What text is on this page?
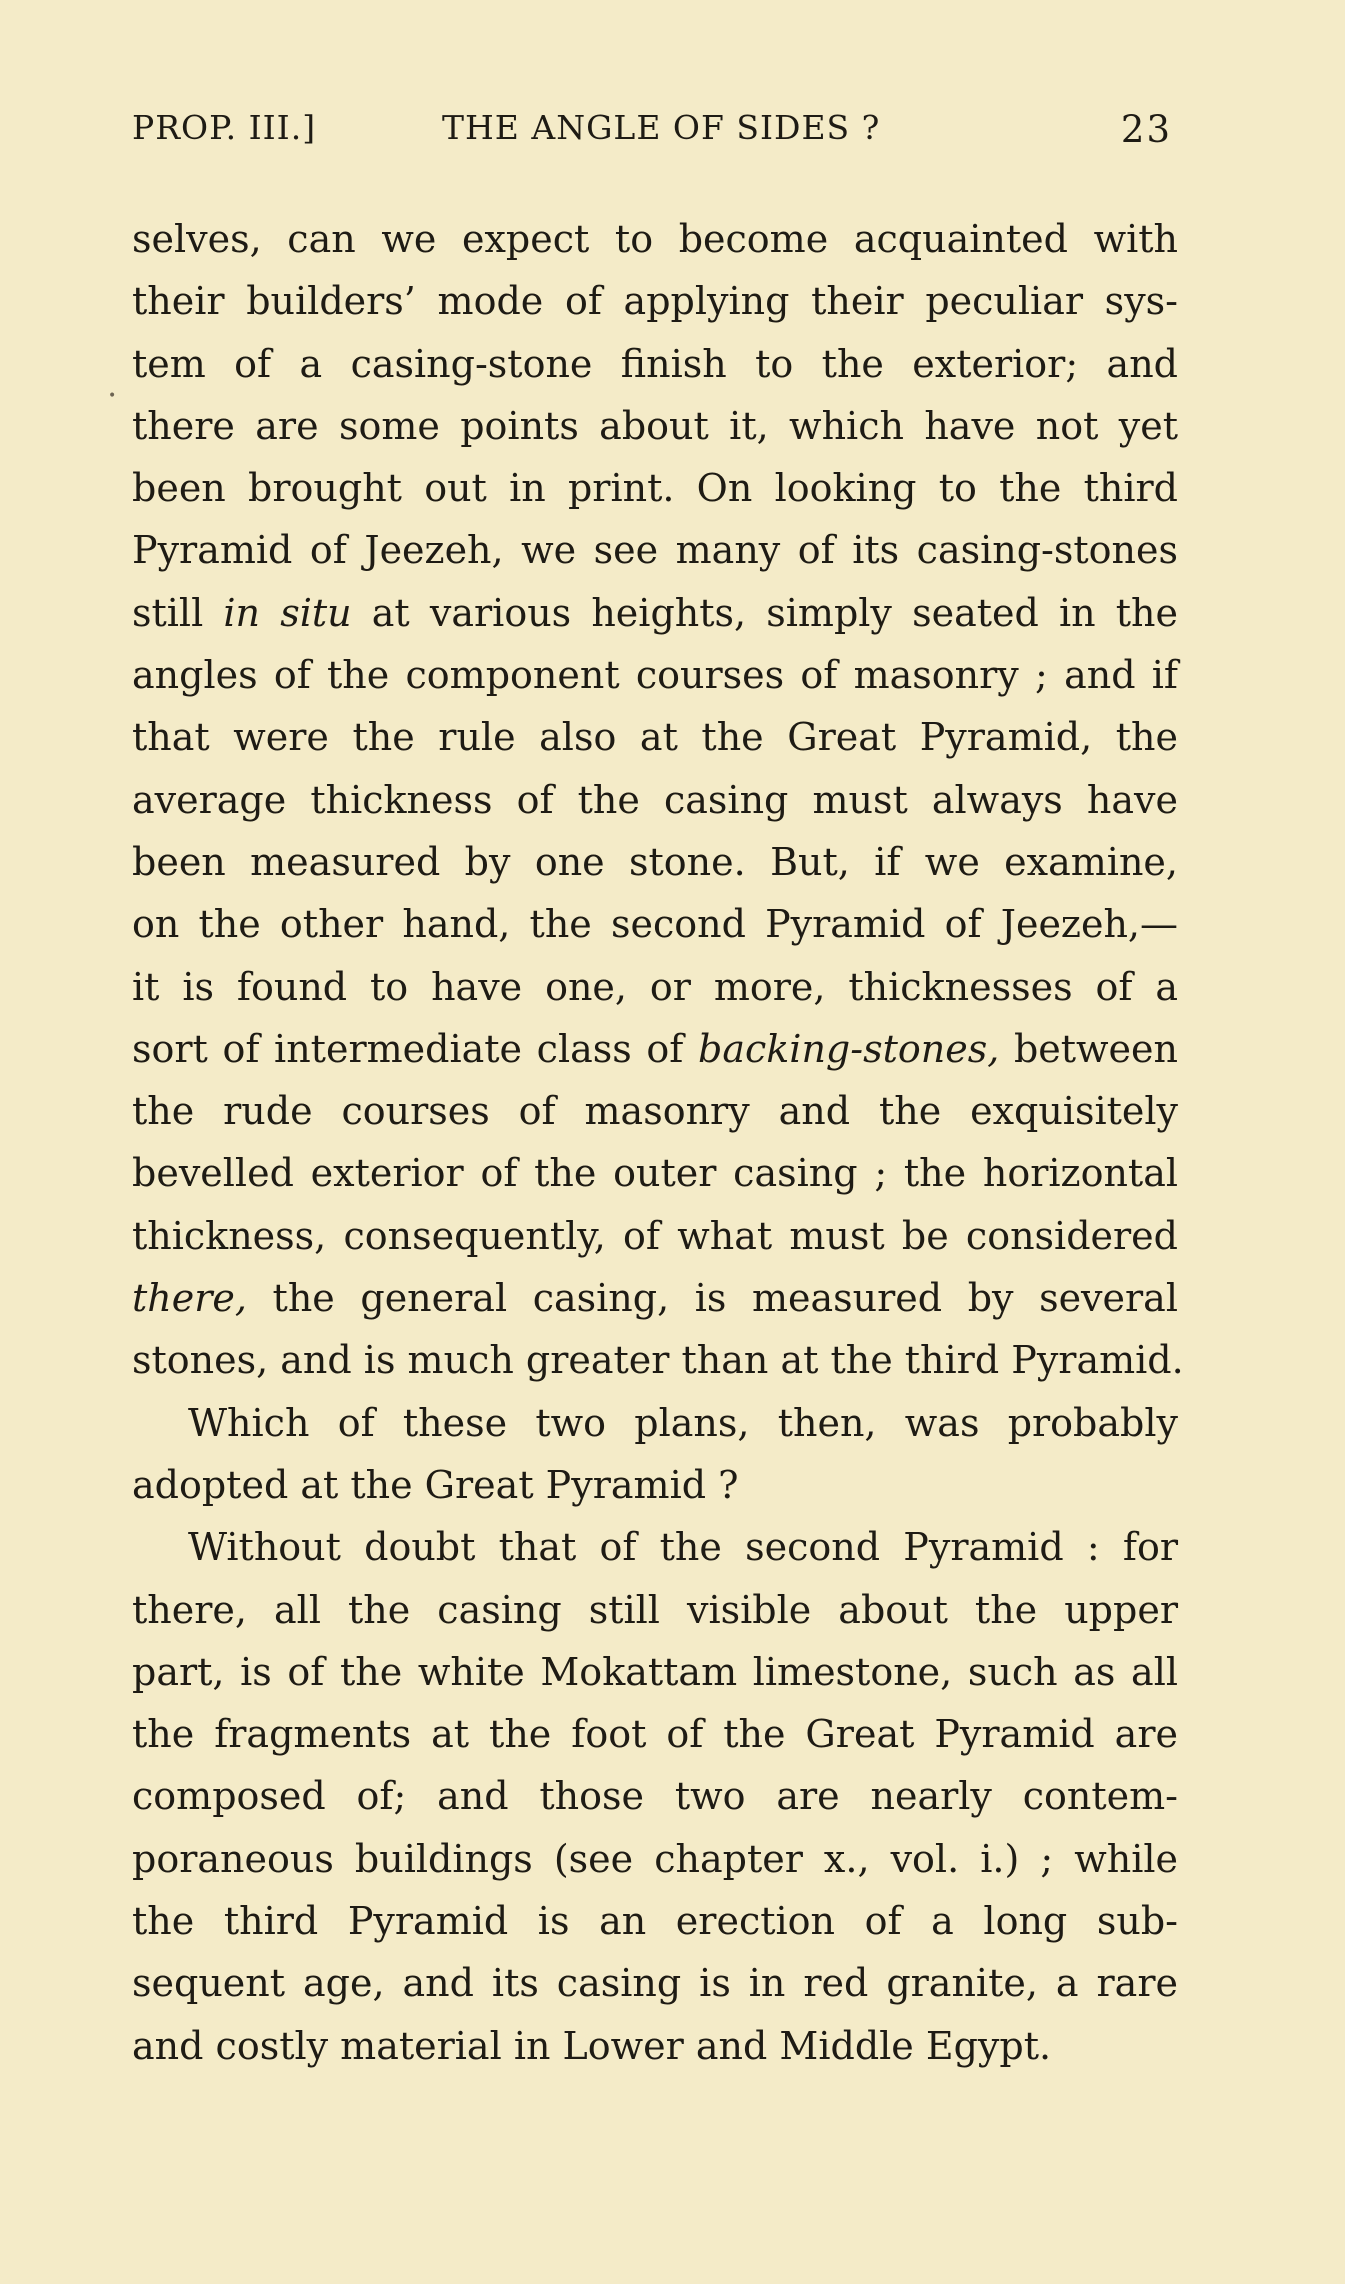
PROP. III.]	THE ANGLE OF SIDES ?	23
•
selves, can we expect to become acquainted with
their builders’ mode of applying their peculiar sys-
tem of a casing-stone finish to the exterior; and
there are some points about it, which have not yet
been brought out in print. On looking to the third
Pyramid of Jeezeh, we see many of its casing-stones
still in situ at various heights, simply seated in the
angles of the component courses of masonry ; and if
that were the rule also at the Great Pyramid, the
average thickness of the casing must always have
been measured by one stone. But, if we examine,
on the other hand, the second Pyramid of Jeezeh,—
it is found to have one, or more, thicknesses of a
sort of intermediate class of backing-stones, between
the rude courses of masonry and the exquisitely
bevelled exterior of the outer casing ; the horizontal
thickness, consequently, of what must be considered
there, the general casing, is measured by several
stones, and is much greater than at the third Pyramid.
Which of these two plans, then, was probably
adopted at the Great Pyramid ?
Without doubt that of the second Pyramid : for
there, all the casing still visible about the upper
part, is of the white Mokattam limestone, such as all
the fragments at the foot of the Great Pyramid are
composed of; and those two are nearly contem-
poraneous buildings (see chapter x., vol. i.) ; while
the third Pyramid is an erection of a long sub-
sequent age, and its casing is in red granite, a rare
and costly material in Lower and Middle Egypt.
